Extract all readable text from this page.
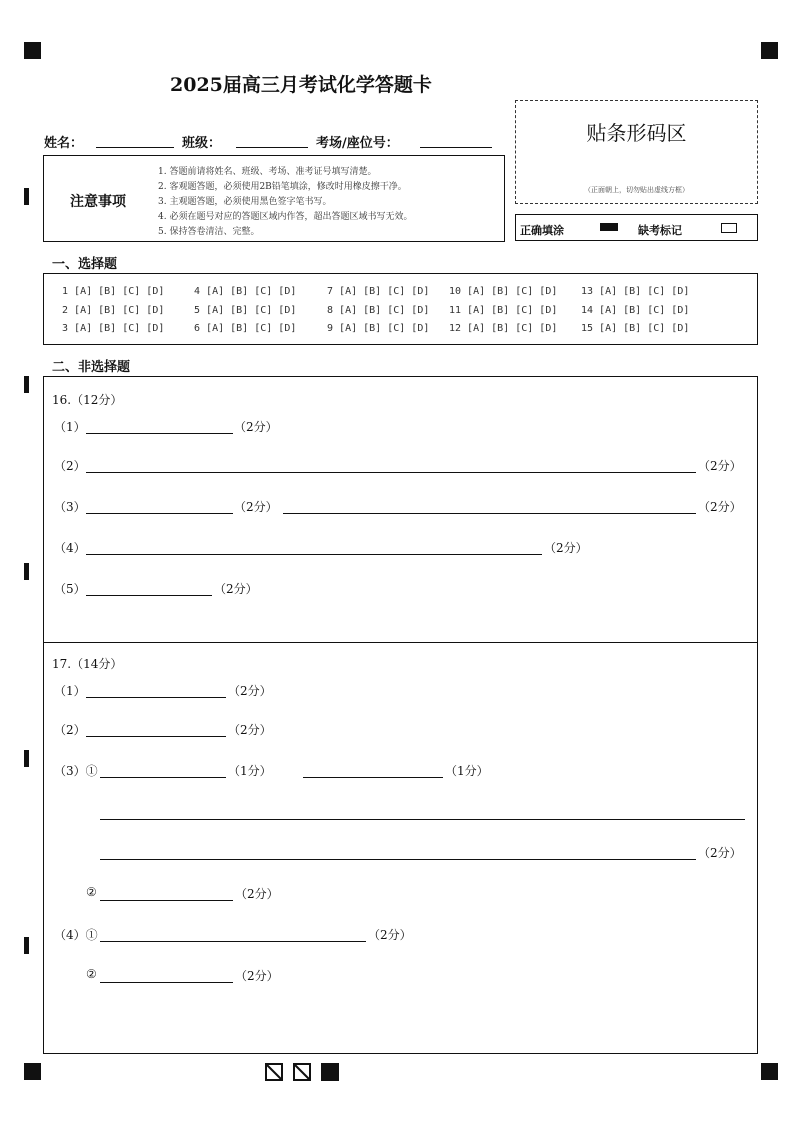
2025届高三月考试化学答题卡
姓名：	班级：	考场/座位号：
注意事项
1. 答题前请将姓名、班级、考场、准考证号填写清楚。
2. 客观题答题，必须使用2B铅笔填涂，修改时用橡皮擦干净。
3. 主观题答题，必须使用黑色签字笔书写。
4. 必须在题号对应的答题区域内作答，超出答题区域书写无效。
5. 保持答卷清洁、完整。
贴条形码区
（正面朝上，切勿贴出虚线方框）
正确填涂	缺考标记
一、选择题
1 [A] [B] [C] [D] 4 [A] [B] [C] [D] 7 [A] [B] [C] [D] 10 [A] [B] [C] [D] 13 [A] [B] [C] [D]
2 [A] [B] [C] [D] 5 [A] [B] [C] [D] 8 [A] [B] [C] [D] 11 [A] [B] [C] [D] 14 [A] [B] [C] [D]
3 [A] [B] [C] [D] 6 [A] [B] [C] [D] 9 [A] [B] [C] [D] 12 [A] [B] [C] [D] 15 [A] [B] [C] [D]
二、非选择题
16.（12分）
（1）	（2分）
（2）	（2分）
（3）	（2分）	（2分）
（4）	（2分）
（5）	（2分）
17.（14分）
（1）	（2分）
（2）	（2分）
（3）①	（1分）	（1分）
（2分）
②	（2分）
（4）①	（2分）
②	（2分）
